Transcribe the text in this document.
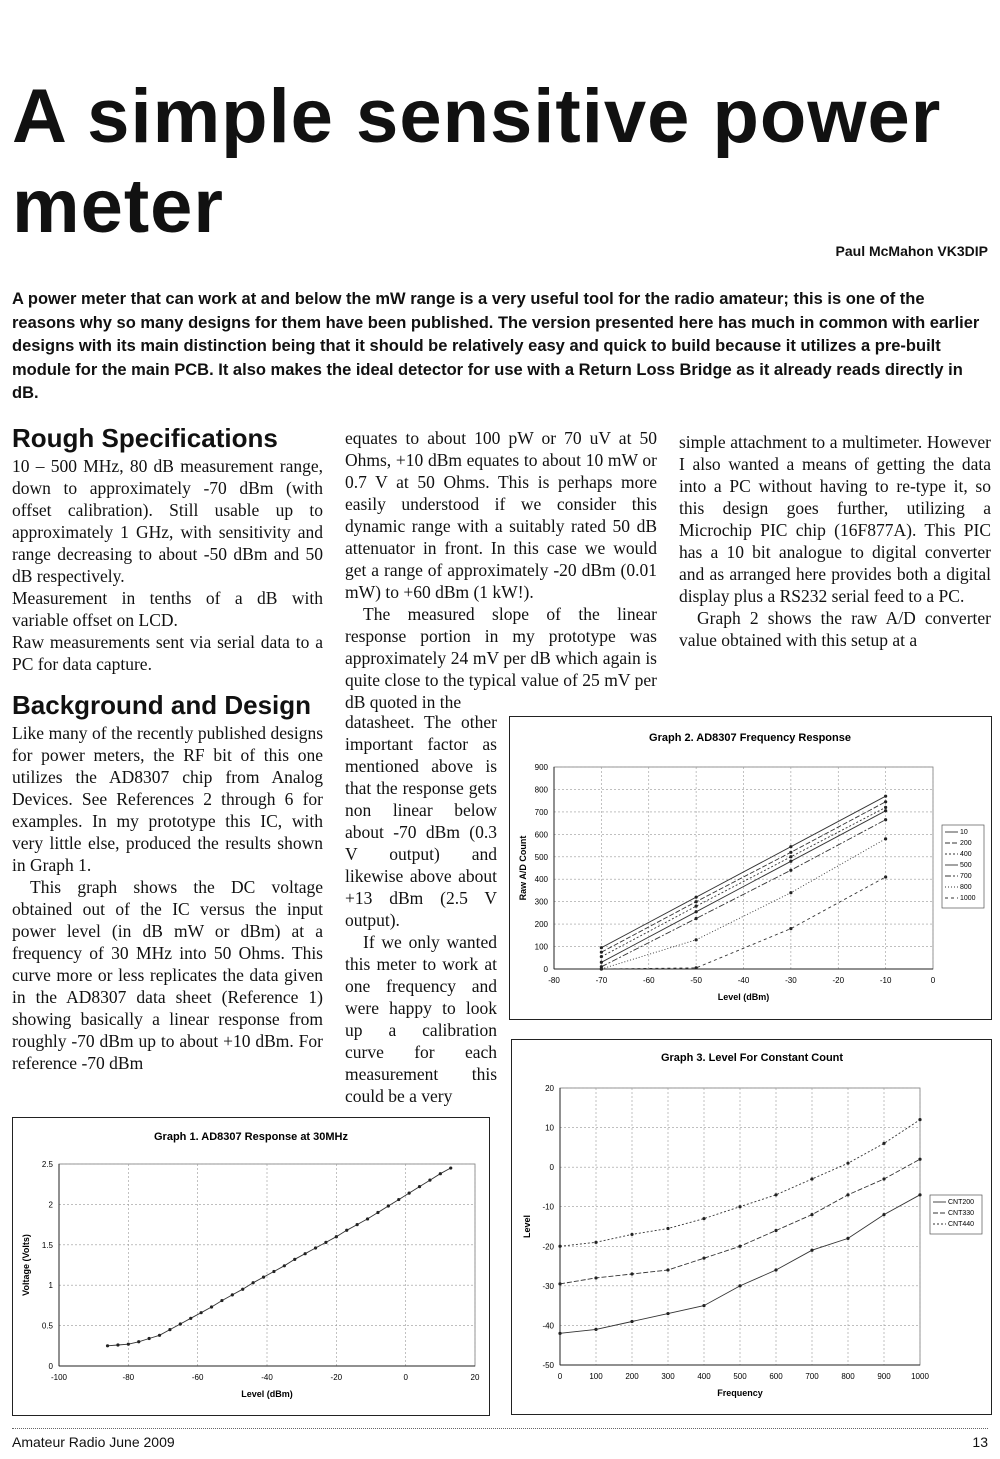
A simple sensitive power meter
Paul McMahon VK3DIP

A power meter that can work at and below the mW range is a very useful tool for the radio amateur; this is one of the reasons why so many designs for them have been published. The version presented here has much in common with earlier designs with its main distinction being that it should be relatively easy and quick to build because it utilizes a pre-built module for the main PCB. It also makes the ideal detector for use with a Return Loss Bridge as it already reads directly in dB.

Rough Specifications

10 – 500 MHz, 80 dB measurement range, down to approximately -70 dBm (with offset calibration). Still usable up to approximately 1 GHz, with sensitivity and range decreasing to about -50 dBm and 50 dB respectively.

Measurement in tenths of a dB with variable offset on LCD.

Raw measurements sent via serial data to a PC for data capture.

Background and Design

Like many of the recently published designs for power meters, the RF bit of this one utilizes the AD8307 chip from Analog Devices. See References 2 through 6 for examples. In my prototype this IC, with very little else, produced the results shown in Graph 1.

This graph shows the DC voltage obtained out of the IC versus the input power level (in dB mW or dBm) at a frequency of 30 MHz into 50 Ohms. This curve more or less replicates the data given in the AD8307 data sheet (Reference 1) showing basically a linear response from roughly -70 dBm up to about +10 dBm. For reference -70 dBm

equates to about 100 pW or 70 uV at 50 Ohms, +10 dBm equates to about 10 mW or 0.7 V at 50 Ohms. This is perhaps more easily understood if we consider this dynamic range with a suitably rated 50 dB attenuator in front. In this case we would get a range of approximately -20 dBm (0.01 mW) to +60 dBm (1 kW!).

The measured slope of the linear response portion in my prototype was approximately 24 mV per dB which again is quite close to the typical value of 25 mV per dB quoted in the

datasheet. The other important factor as mentioned above is that the response gets non linear below about -70 dBm (0.3 V output) and likewise above about +13 dBm (2.5 V output).

If we only wanted this meter to work at one frequency and were happy to look up a calibration curve for each measurement this could be a very

simple attachment to a multimeter. However I also wanted a means of getting the data into a PC without having to re-type it, so this design goes further, utilizing a Microchip PIC chip (16F877A). This PIC has a 10 bit analogue to digital converter and as arranged here provides both a digital display plus a RS232 serial feed to a PC.

Graph 2 shows the raw A/D converter value obtained with this setup at a

Graph 2. AD8307 Frequency Response
0
100
200
300
400
500
600
700
800
900
-80	-70	-60	-50	-40	-30	-20	-10	0
Level (dBm)
Raw A/D Count
10
200
400
500
700
800
1000
Graph 3. Level For Constant Count
-50
-40
-30
-20
-10
0
10
20
0	100	200	300	400	500	600	700	800	900	1000
Frequency
Level
CNT200
CNT330
CNT440
Graph 1. AD8307 Response at 30MHz
0
0.5
1
1.5
2
2.5
-100	-80	-60	-40	-20	0	20
Level (dBm)
Voltage (Volts)
Amateur Radio June 2009	13
